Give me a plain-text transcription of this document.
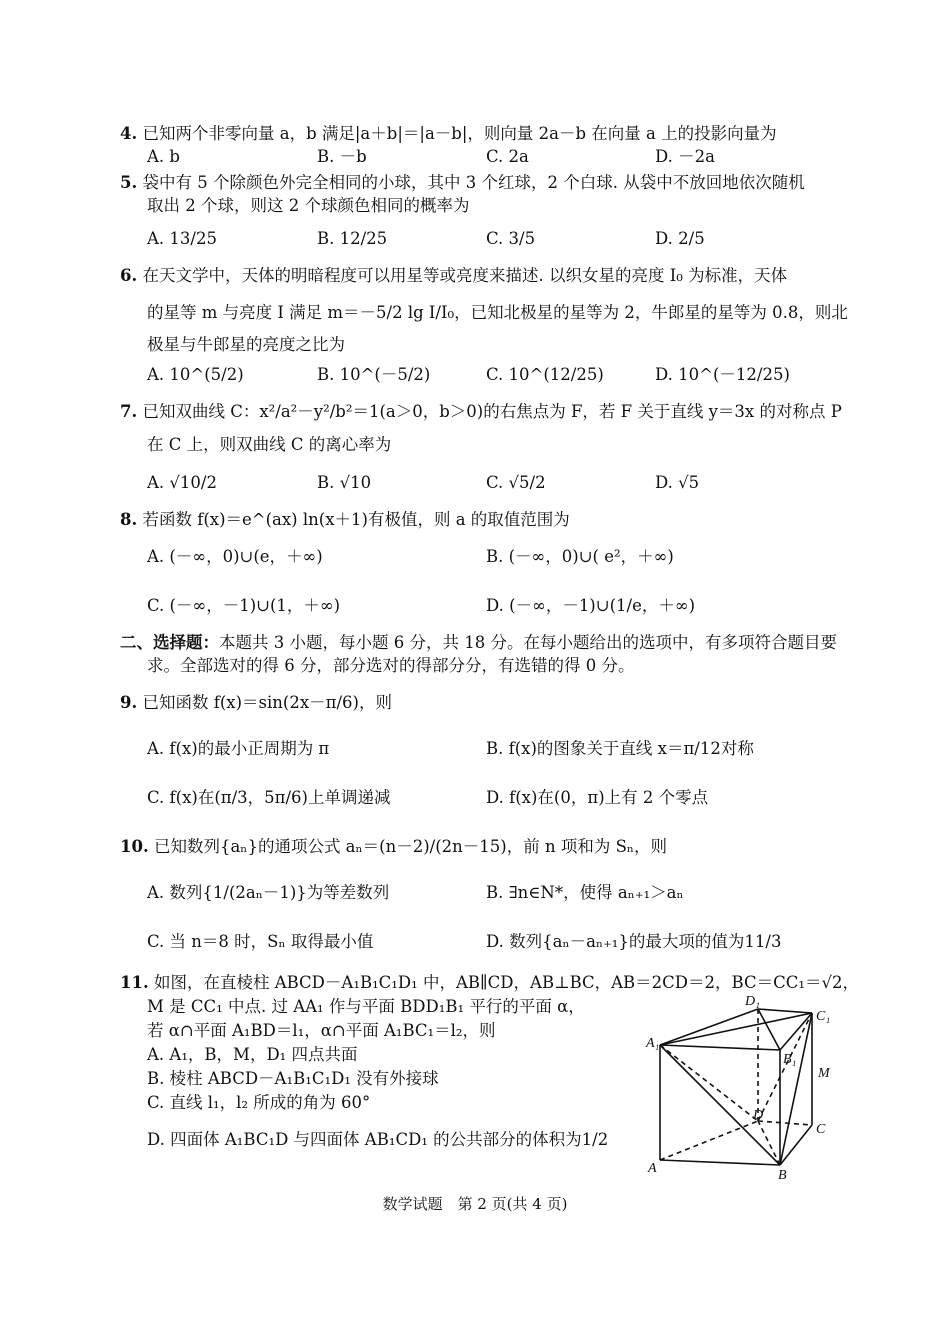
4. 已知两个非零向量 a，b 满足|a＋b|＝|a－b|，则向量 2a－b 在向量 a 上的投影向量为
A. b	B. －b	C. 2a	D. －2a
5. 袋中有 5 个除颜色外完全相同的小球，其中 3 个红球，2 个白球. 从袋中不放回地依次随机
取出 2 个球，则这 2 个球颜色相同的概率为
A. 13/25	B. 12/25	C. 3/5	D. 2/5
6. 在天文学中，天体的明暗程度可以用星等或亮度来描述. 以织女星的亮度 I₀ 为标准，天体
的星等 m 与亮度 I 满足 m＝－5/2 lg I/I₀，已知北极星的星等为 2，牛郎星的星等为 0.8，则北
极星与牛郎星的亮度之比为
A. 10^(5/2)	B. 10^(－5/2)	C. 10^(12/25)	D. 10^(－12/25)
7. 已知双曲线 C：x²/a²－y²/b²＝1(a＞0，b＞0)的右焦点为 F，若 F 关于直线 y＝3x 的对称点 P
在 C 上，则双曲线 C 的离心率为
A. √10/2	B. √10	C. √5/2	D. √5
8. 若函数 f(x)＝e^(ax) ln(x＋1)有极值，则 a 的取值范围为
A. (－∞，0)∪(e，＋∞)	B. (－∞，0)∪( e²，＋∞)
C. (－∞，－1)∪(1，＋∞)	D. (－∞，－1)∪(1/e，＋∞)
二、选择题：本题共 3 小题，每小题 6 分，共 18 分。在每小题给出的选项中，有多项符合题目要
求。全部选对的得 6 分，部分选对的得部分分，有选错的得 0 分。
9. 已知函数 f(x)＝sin(2x－π/6)，则
A. f(x)的最小正周期为 π	B. f(x)的图象关于直线 x＝π/12对称
C. f(x)在(π/3，5π/6)上单调递减	D. f(x)在(0，π)上有 2 个零点
10. 已知数列{aₙ}的通项公式 aₙ＝(n－2)/(2n－15)，前 n 项和为 Sₙ，则
A. 数列{1/(2aₙ－1)}为等差数列	B. ∃n∈N*，使得 aₙ₊₁＞aₙ
C. 当 n＝8 时，Sₙ 取得最小值	D. 数列{aₙ－aₙ₊₁}的最大项的值为11/3
11. 如图，在直棱柱 ABCD－A₁B₁C₁D₁ 中，AB∥CD，AB⊥BC，AB＝2CD＝2，BC＝CC₁＝√2，
M 是 CC₁ 中点. 过 AA₁ 作与平面 BDD₁B₁ 平行的平面 α，
若 α∩平面 A₁BD＝l₁，α∩平面 A₁BC₁＝l₂，则
A. A₁，B，M，D₁ 四点共面
B. 棱柱 ABCD－A₁B₁C₁D₁ 没有外接球
C. 直线 l₁，l₂ 所成的角为 60°
D. 四面体 A₁BC₁D 与四面体 AB₁CD₁ 的公共部分的体积为1/2
A	B
C
D
A₁
B₁
C₁
D₁
M
数学试题　第 2 页(共 4 页)
